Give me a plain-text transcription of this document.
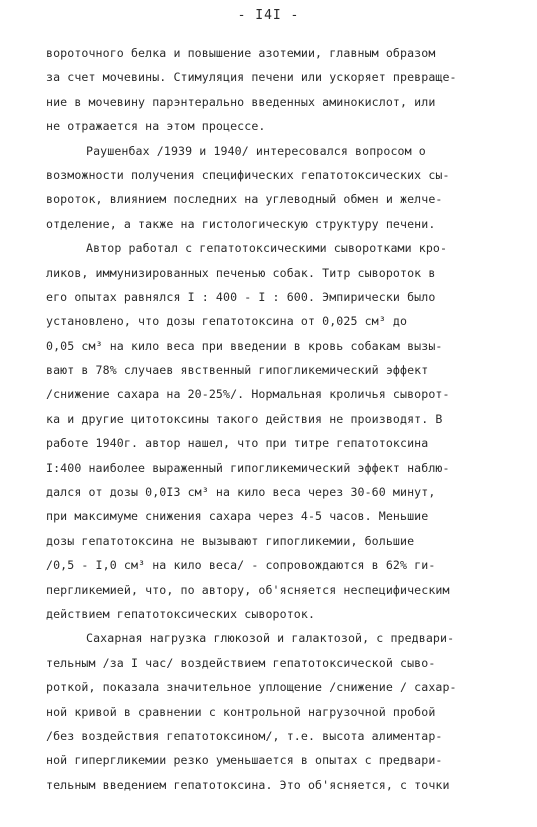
- I4I -
вороточного белка и повышение азотемии, главным образом
за счет мочевины. Стимуляция печени или ускоряет превраще-
ние в мочевину парэнтерально введенных аминокислот, или
не отражается на этом процессе.
Раушенбах /1939 и 1940/ интересовался вопросом о
возможности получения специфических гепатотоксических сы-
вороток, влиянием последних на углеводный обмен и желче-
отделение, а также на гистологическую структуру печени.
Автор работал с гепатотоксическими сыворотками кро-
ликов, иммунизированных печенью собак. Титр сывороток в
его опытах равнялся I : 400 - I : 600. Эмпирически было
установлено, что дозы гепатотоксина от 0,025 см³ до
0,05 см³ на кило веса при введении в кровь собакам вызы-
вают в 78% случаев явственный гипогликемический эффект
/снижение сахара на 20-25%/. Нормальная кроличья сыворот-
ка и другие цитотоксины такого действия не производят. В
работе 1940г. автор нашел, что при титре гепатотоксина
I:400 наиболее выраженный гипогликемический эффект наблю-
дался от дозы 0,0I3 см³ на кило веса через 30-60 минут,
при максимуме снижения сахара через 4-5 часов. Меньшие
дозы гепатотоксина не вызывают гипогликемии, большие
/0,5 - I,0 см³ на кило веса/ - сопровождаются в 62% ги-
пергликемией, что, по автору, об'ясняется неспецифическим
действием гепатотоксических сывороток.
Сахарная нагрузка глюкозой и галактозой, с предвари-
тельным /за I час/ воздействием гепатотоксической сыво-
роткой, показала значительное уплощение /снижение / сахар-
ной кривой в сравнении с контрольной нагрузочной пробой
/без воздействия гепатотоксином/, т.е. высота алиментар-
ной гипергликемии резко уменьшается в опытах с предвари-
тельным введением гепатотоксина. Это об'ясняется, с точки
